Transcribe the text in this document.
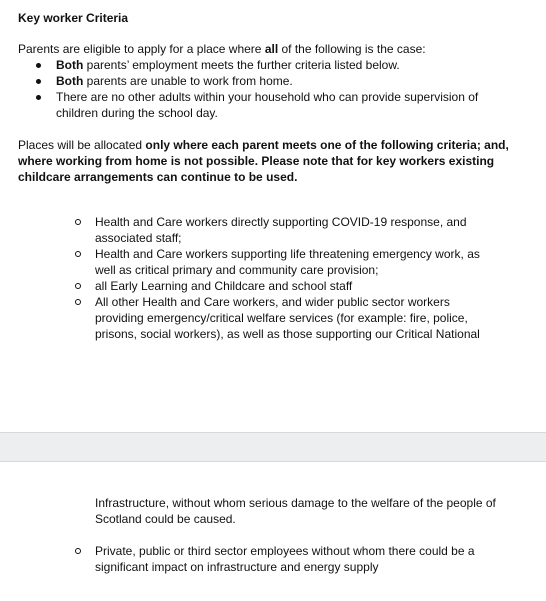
Key worker Criteria
Parents are eligible to apply for a place where all of the following is the case:
Both parents’ employment meets the further criteria listed below.
Both parents are unable to work from home.
There are no other adults within your household who can provide supervision of children during the school day.
Places will be allocated only where each parent meets one of the following criteria; and, where working from home is not possible. Please note that for key workers existing childcare arrangements can continue to be used.
Health and Care workers directly supporting COVID-19 response, and associated staff;
Health and Care workers supporting life threatening emergency work, as well as critical primary and community care provision;
all Early Learning and Childcare and school staff
All other Health and Care workers, and wider public sector workers providing emergency/critical welfare services (for example: fire, police, prisons, social workers), as well as those supporting our Critical National
Infrastructure, without whom serious damage to the welfare of the people of Scotland could be caused.
Private, public or third sector employees without whom there could be a significant impact on infrastructure and energy supply
